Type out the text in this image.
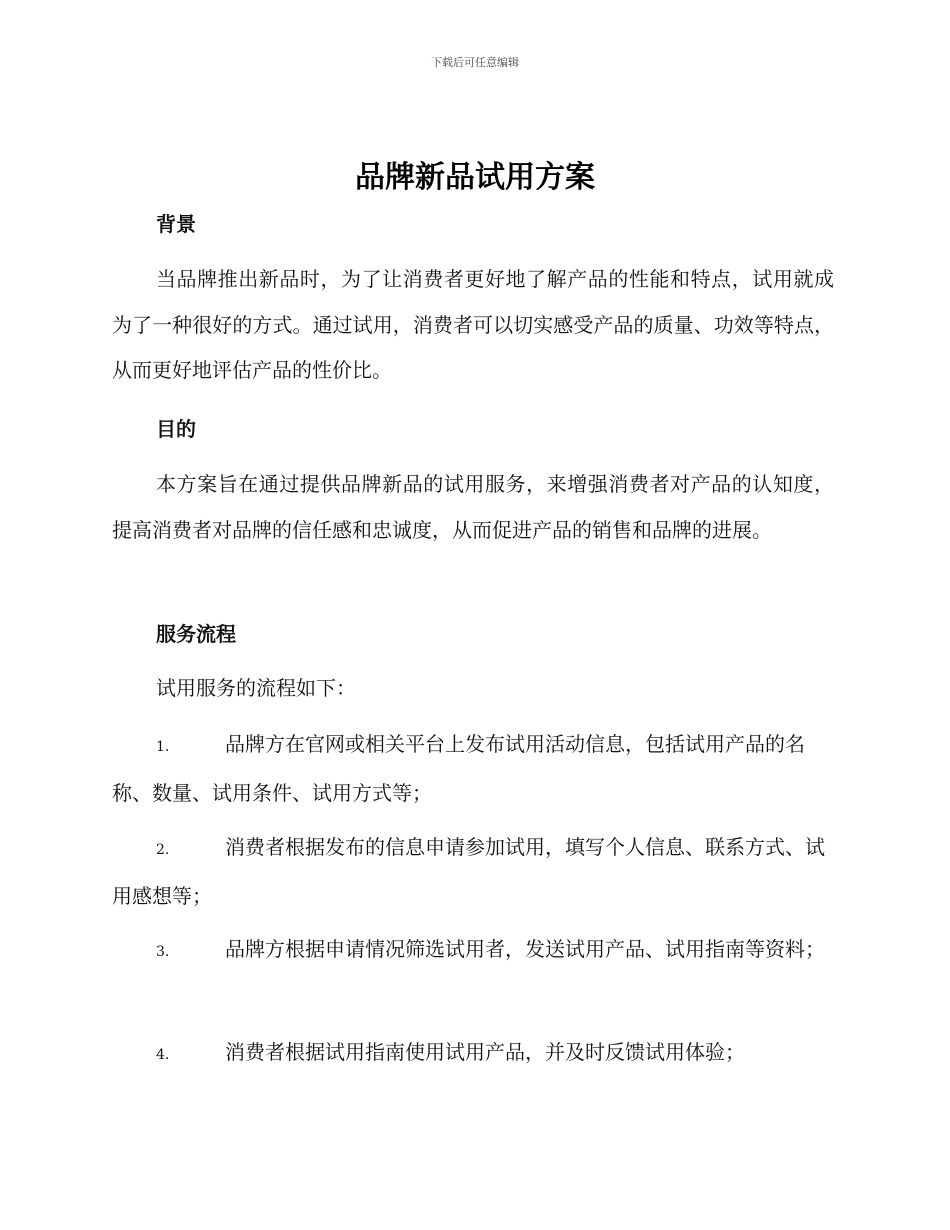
下载后可任意编辑
品牌新品试用方案
背景
当品牌推出新品时，为了让消费者更好地了解产品的性能和特点，试用就成为了一种很好的方式。通过试用，消费者可以切实感受产品的质量、功效等特点，从而更好地评估产品的性价比。
目的
本方案旨在通过提供品牌新品的试用服务，来增强消费者对产品的认知度，提高消费者对品牌的信任感和忠诚度，从而促进产品的销售和品牌的进展。
服务流程
试用服务的流程如下：
1.	品牌方在官网或相关平台上发布试用活动信息，包括试用产品的名称、数量、试用条件、试用方式等；
2.	消费者根据发布的信息申请参加试用，填写个人信息、联系方式、试用感想等；
3.	品牌方根据申请情况筛选试用者，发送试用产品、试用指南等资料；
4.	消费者根据试用指南使用试用产品，并及时反馈试用体验；
